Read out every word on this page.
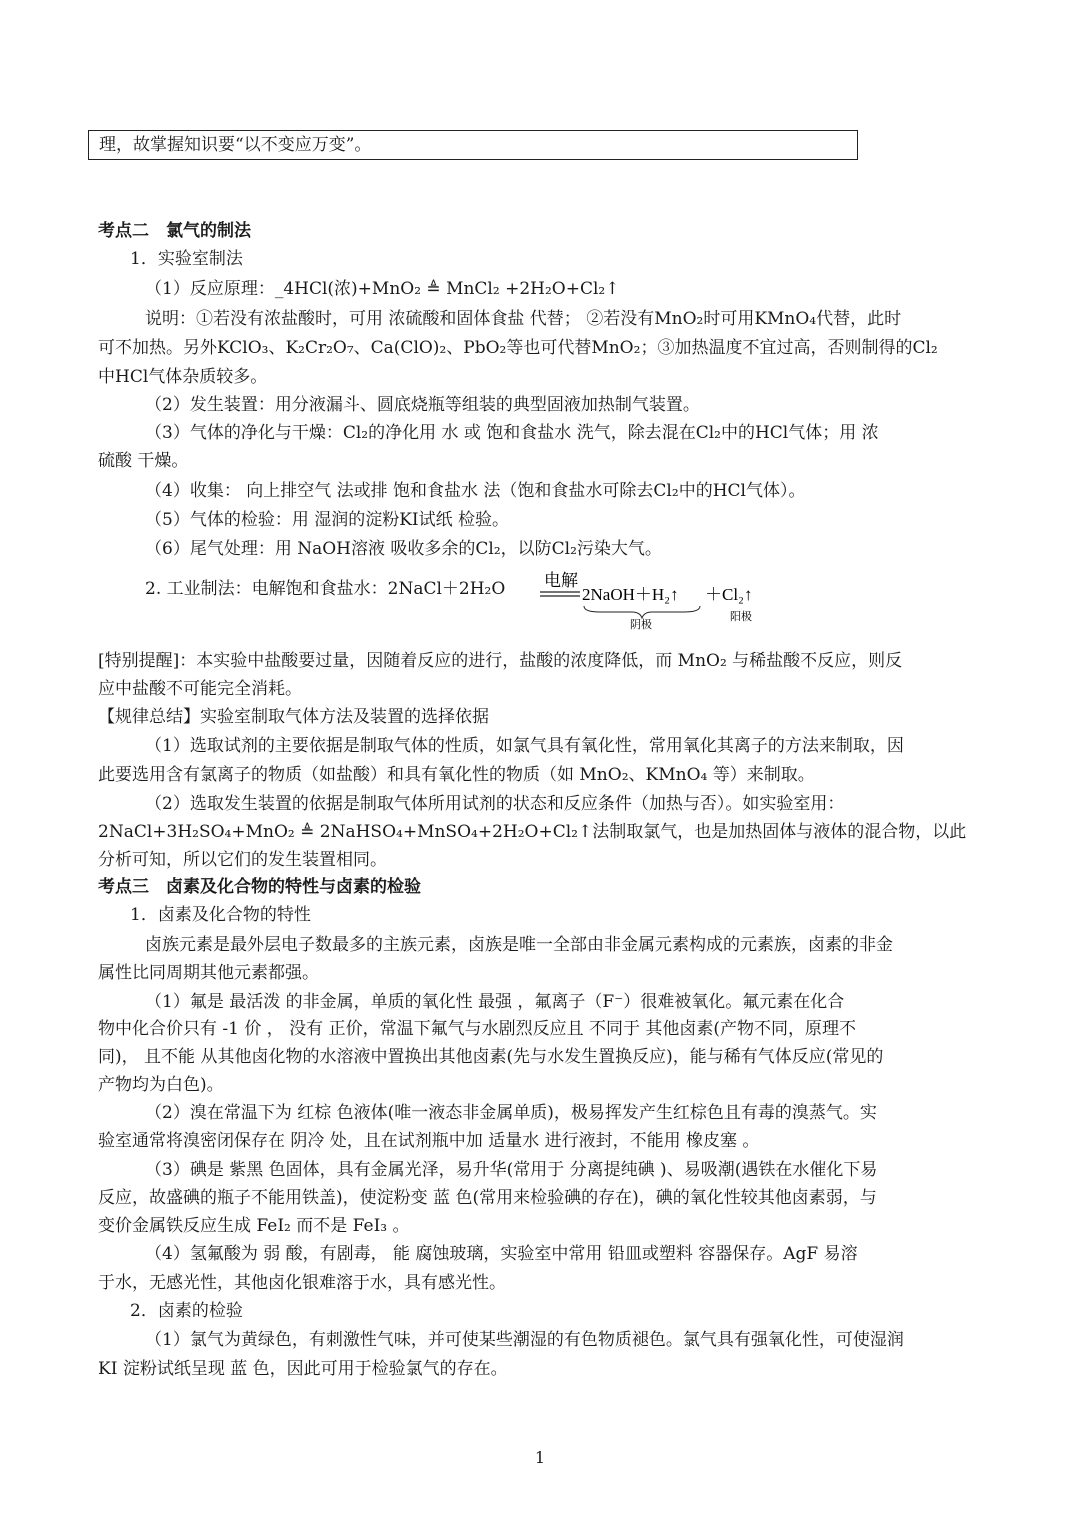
理，故掌握知识要“以不变应万变”。
考点二　氯气的制法
1．实验室制法
（1）反应原理：_4HCl(浓)+MnO₂ ≜ MnCl₂ +2H₂O+Cl₂↑
说明：①若没有浓盐酸时，可用 浓硫酸和固体食盐 代替； ②若没有MnO₂时可用KMnO₄代替，此时
可不加热。另外KClO₃、K₂Cr₂O₇、Ca(ClO)₂、PbO₂等也可代替MnO₂；③加热温度不宜过高，否则制得的Cl₂
中HCl气体杂质较多。
（2）发生装置：用分液漏斗、圆底烧瓶等组装的典型固液加热制气装置。
（3）气体的净化与干燥：Cl₂的净化用 水 或 饱和食盐水 洗气，除去混在Cl₂中的HCl气体；用 浓
硫酸 干燥。
（4）收集： 向上排空气 法或排 饱和食盐水 法（饱和食盐水可除去Cl₂中的HCl气体）。
（5）气体的检验：用 湿润的淀粉KI试纸 检验。
（6）尾气处理：用 NaOH溶液 吸收多余的Cl₂，以防Cl₂污染大气。
2. 工业制法：电解饱和食盐水：2NaCl＋2H₂O 电解
2NaOH＋H₂↑ ＋Cl₂↑
阴极
阳极
[特别提醒]：本实验中盐酸要过量，因随着反应的进行，盐酸的浓度降低，而 MnO₂ 与稀盐酸不反应，则反
应中盐酸不可能完全消耗。
【规律总结】实验室制取气体方法及装置的选择依据
（1）选取试剂的主要依据是制取气体的性质，如氯气具有氧化性，常用氧化其离子的方法来制取，因
此要选用含有氯离子的物质（如盐酸）和具有氧化性的物质（如 MnO₂、KMnO₄ 等）来制取。
（2）选取发生装置的依据是制取气体所用试剂的状态和反应条件（加热与否）。如实验室用：
2NaCl+3H₂SO₄+MnO₂ ≜ 2NaHSO₄+MnSO₄+2H₂O+Cl₂↑法制取氯气，也是加热固体与液体的混合物，以此
分析可知，所以它们的发生装置相同。
考点三　卤素及化合物的特性与卤素的检验
1．卤素及化合物的特性
卤族元素是最外层电子数最多的主族元素，卤族是唯一全部由非金属元素构成的元素族，卤素的非金
属性比同周期其他元素都强。
（1）氟是 最活泼 的非金属，单质的氧化性 最强 ，氟离子（F⁻）很难被氧化。氟元素在化合
物中化合价只有 -1 价 ， 没有 正价，常温下氟气与水剧烈反应且 不同于 其他卤素(产物不同，原理不
同)， 且不能 从其他卤化物的水溶液中置换出其他卤素(先与水发生置换反应)，能与稀有气体反应(常见的
产物均为白色)。
（2）溴在常温下为 红棕 色液体(唯一液态非金属单质)，极易挥发产生红棕色且有毒的溴蒸气。实
验室通常将溴密闭保存在 阴冷 处，且在试剂瓶中加 适量水 进行液封，不能用 橡皮塞 。
（3）碘是 紫黑 色固体，具有金属光泽，易升华(常用于 分离提纯碘 )、易吸潮(遇铁在水催化下易
反应，故盛碘的瓶子不能用铁盖)，使淀粉变 蓝 色(常用来检验碘的存在)，碘的氧化性较其他卤素弱，与
变价金属铁反应生成 FeI₂ 而不是 FeI₃ 。
（4）氢氟酸为 弱 酸，有剧毒， 能 腐蚀玻璃，实验室中常用 铅皿或塑料 容器保存。AgF 易溶
于水，无感光性，其他卤化银难溶于水，具有感光性。
2．卤素的检验
（1）氯气为黄绿色，有刺激性气味，并可使某些潮湿的有色物质褪色。氯气具有强氧化性，可使湿润
KI 淀粉试纸呈现 蓝 色，因此可用于检验氯气的存在。
1
